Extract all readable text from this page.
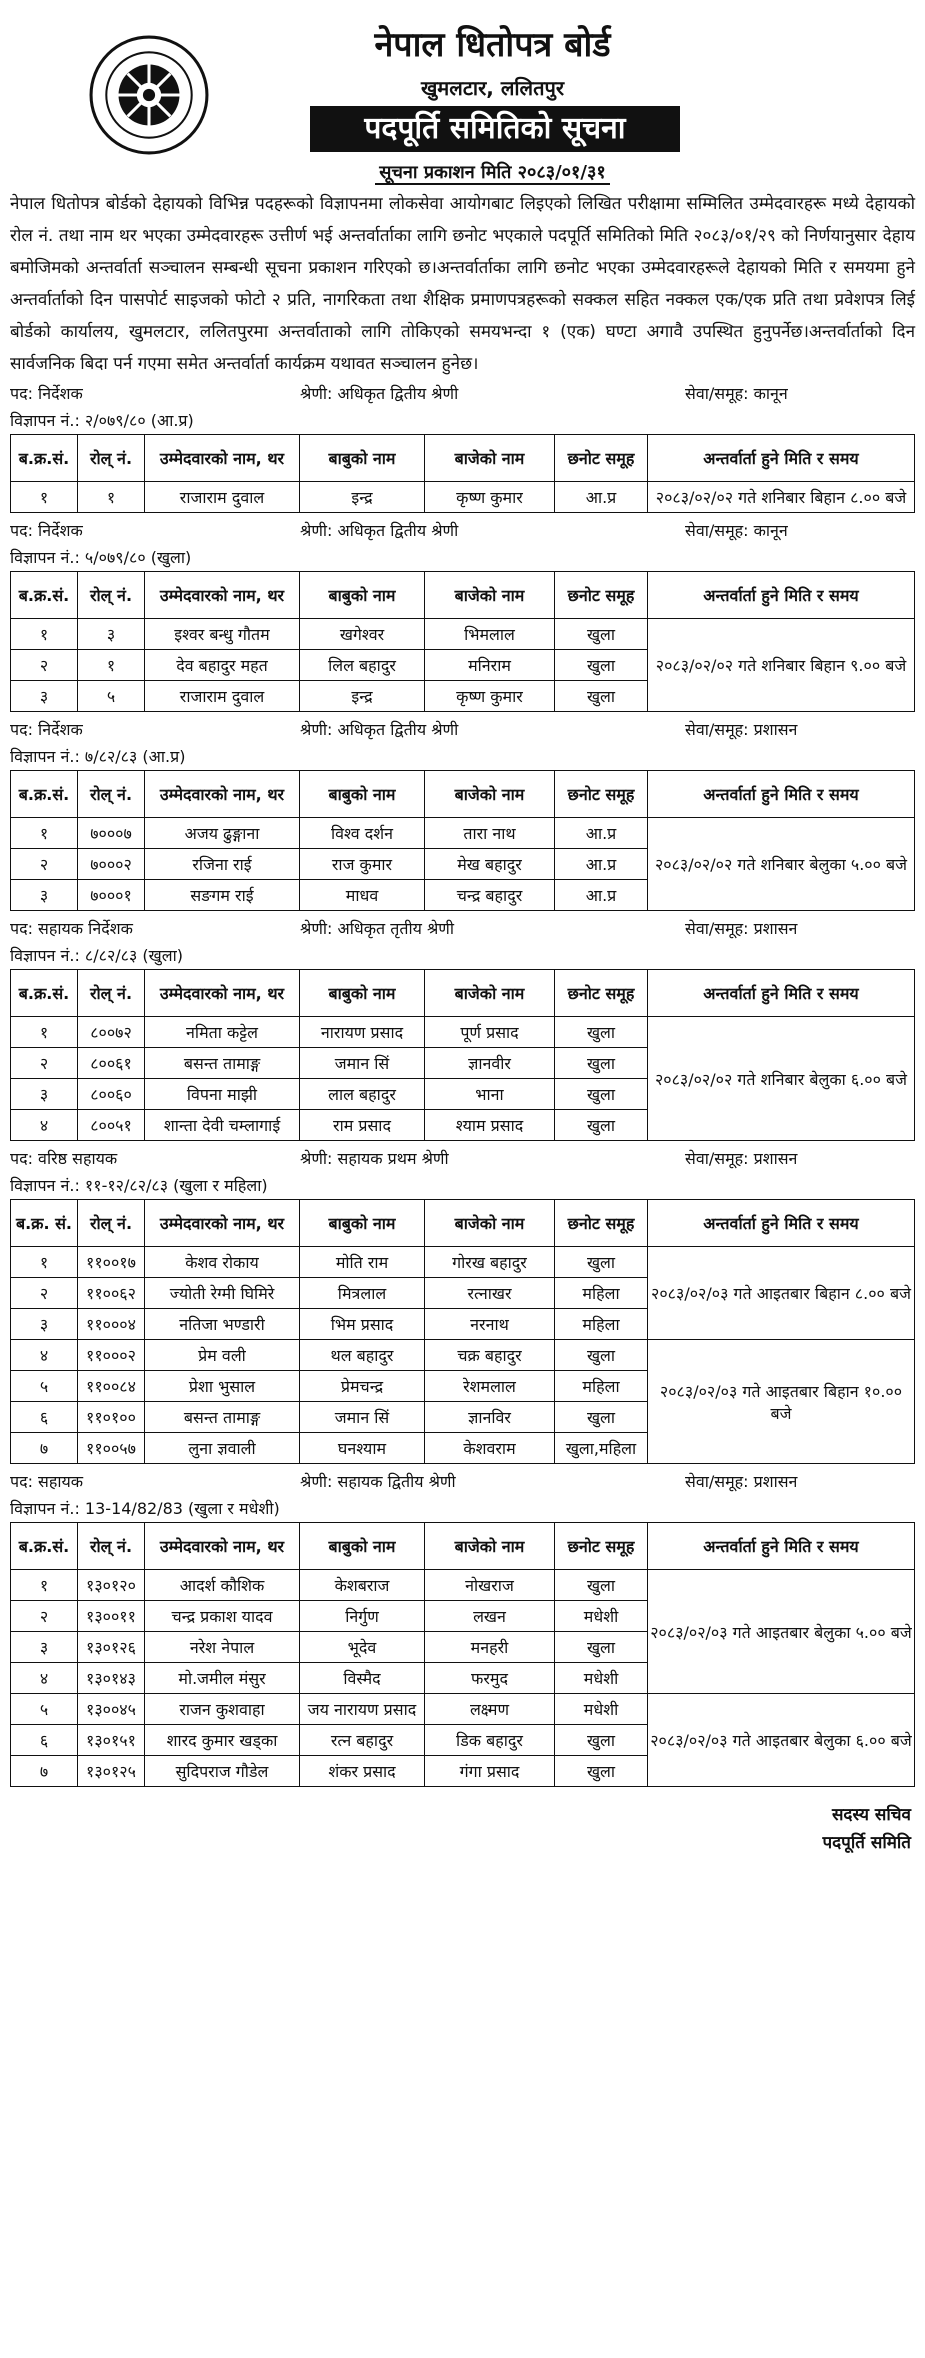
नेपाल धितोपत्र बोर्ड
खुमलटार, ललितपुर
पदपूर्ति समितिको सूचना
सूचना प्रकाशन मिति २०८३/०१/३१
नेपाल धितोपत्र बोर्डको देहायको विभिन्न पदहरूको विज्ञापनमा लोकसेवा आयोगबाट लिइएको लिखित परीक्षामा सम्मिलित उम्मेदवारहरू मध्ये देहायको रोल नं. तथा नाम थर भएका उम्मेदवारहरू उत्तीर्ण भई अन्तर्वार्ताका लागि छनोट भएकाले पदपूर्ति समितिको मिति २०८३/०१/२९ को निर्णयानुसार देहाय बमोजिमको अन्तर्वार्ता सञ्चालन सम्बन्धी सूचना प्रकाशन गरिएको छ।अन्तर्वार्ताका लागि छनोट भएका उम्मेदवारहरूले देहायको मिति र समयमा हुने अन्तर्वार्ताको दिन पासपोर्ट साइजको फोटो २ प्रति, नागरिकता तथा शैक्षिक प्रमाणपत्रहरूको सक्कल सहित नक्कल एक/एक प्रति तथा प्रवेशपत्र लिई बोर्डको कार्यालय, खुमलटार, ललितपुरमा अन्तर्वाताको लागि तोकिएको समयभन्दा १ (एक) घण्टा अगावै उपस्थित हुनुपर्नेछ।अन्तर्वार्ताको दिन सार्वजनिक बिदा पर्न गएमा समेत अन्तर्वार्ता कार्यक्रम यथावत सञ्चालन हुनेछ।
पद: निर्देशक	श्रेणी: अधिकृत द्वितीय श्रेणी	सेवा/समूह: कानून
विज्ञापन नं.: २/०७९/८० (आ.प्र)
ब.क्र.सं.	रोल् नं.	उम्मेदवारको नाम, थर	बाबुको नाम	बाजेको नाम	छनोट समूह	अन्तर्वार्ता हुने मिति र समय
१	१	राजाराम दुवाल	इन्द्र	कृष्ण कुमार	आ.प्र	२०८३/०२/०२ गते शनिबार बिहान ८.०० बजे
पद: निर्देशक	श्रेणी: अधिकृत द्वितीय श्रेणी	सेवा/समूह: कानून
विज्ञापन नं.: ५/०७९/८० (खुला)
ब.क्र.सं.	रोल् नं.	उम्मेदवारको नाम, थर	बाबुको नाम	बाजेको नाम	छनोट समूह	अन्तर्वार्ता हुने मिति र समय
१	३	इश्वर बन्धु गौतम	खगेश्वर	भिमलाल	खुला	२०८३/०२/०२ गते शनिबार बिहान ९.०० बजे
२	१	देव बहादुर महत	लिल बहादुर	मनिराम	खुला	
३	५	राजाराम दुवाल	इन्द्र	कृष्ण कुमार	खुला	
पद: निर्देशक	श्रेणी: अधिकृत द्वितीय श्रेणी	सेवा/समूह: प्रशासन
विज्ञापन नं.: ७/८२/८३ (आ.प्र)
ब.क्र.सं.	रोल् नं.	उम्मेदवारको नाम, थर	बाबुको नाम	बाजेको नाम	छनोट समूह	अन्तर्वार्ता हुने मिति र समय
१	७०००७	अजय ढुङ्गाना	विश्व दर्शन	तारा नाथ	आ.प्र	२०८३/०२/०२ गते शनिबार बेलुका ५.०० बजे
२	७०००२	रजिना राई	राज कुमार	मेख बहादुर	आ.प्र	
३	७०००१	सङगम राई	माधव	चन्द्र बहादुर	आ.प्र	
पद: सहायक निर्देशक	श्रेणी: अधिकृत तृतीय श्रेणी	सेवा/समूह: प्रशासन
विज्ञापन नं.: ८/८२/८३ (खुला)
ब.क्र.सं.	रोल् नं.	उम्मेदवारको नाम, थर	बाबुको नाम	बाजेको नाम	छनोट समूह	अन्तर्वार्ता हुने मिति र समय
१	८००७२	नमिता कट्टेल	नारायण प्रसाद	पूर्ण प्रसाद	खुला	२०८३/०२/०२ गते शनिबार बेलुका ६.०० बजे
२	८००६१	बसन्त तामाङ्ग	जमान सिं	ज्ञानवीर	खुला	
३	८००६०	विपना माझी	लाल बहादुर	भाना	खुला	
४	८००५१	शान्ता देवी चम्लागाई	राम प्रसाद	श्याम प्रसाद	खुला	
पद: वरिष्ठ सहायक	श्रेणी: सहायक प्रथम श्रेणी	सेवा/समूह: प्रशासन
विज्ञापन नं.: ११-१२/८२/८३ (खुला र महिला)
ब.क्र. सं.	रोल् नं.	उम्मेदवारको नाम, थर	बाबुको नाम	बाजेको नाम	छनोट समूह	अन्तर्वार्ता हुने मिति र समय
१	११००१७	केशव रोकाय	मोति राम	गोरख बहादुर	खुला	२०८३/०२/०३ गते आइतबार बिहान ८.०० बजे
२	११००६२	ज्योती रेग्मी घिमिरे	मित्रलाल	रत्नाखर	महिला	
३	११०००४	नतिजा भण्डारी	भिम प्रसाद	नरनाथ	महिला	
४	११०००२	प्रेम वली	थल बहादुर	चक्र बहादुर	खुला	२०८३/०२/०३ गते आइतबार बिहान १०.०० बजे
५	११००८४	प्रेशा भुसाल	प्रेमचन्द्र	रेशमलाल	महिला	
६	११०१००	बसन्त तामाङ्ग	जमान सिं	ज्ञानविर	खुला	
७	११००५७	लुना ज्ञवाली	घनश्याम	केशवराम	खुला,महिला	
पद: सहायक	श्रेणी: सहायक द्वितीय श्रेणी	सेवा/समूह: प्रशासन
विज्ञापन नं.: 13-14/82/83 (खुला र मधेशी)
ब.क्र.सं.	रोल् नं.	उम्मेदवारको नाम, थर	बाबुको नाम	बाजेको नाम	छनोट समूह	अन्तर्वार्ता हुने मिति र समय
१	१३०१२०	आदर्श कौशिक	केशबराज	नोखराज	खुला	२०८३/०२/०३ गते आइतबार बेलुका ५.०० बजे
२	१३००११	चन्द्र प्रकाश यादव	निर्गुण	लखन	मधेशी	
३	१३०१२६	नरेश नेपाल	भूदेव	मनहरी	खुला	
४	१३०१४३	मो.जमील मंसुर	विस्मैद	फरमुद	मधेशी	
५	१३००४५	राजन कुशवाहा	जय नारायण प्रसाद	लक्ष्मण	मधेशी	२०८३/०२/०३ गते आइतबार बेलुका ६.०० बजे
६	१३०१५१	शारद कुमार खड्का	रत्न बहादुर	डिक बहादुर	खुला	
७	१३०१२५	सुदिपराज गौडेल	शंकर प्रसाद	गंगा प्रसाद	खुला	
सदस्य सचिव
पदपूर्ति समिति
